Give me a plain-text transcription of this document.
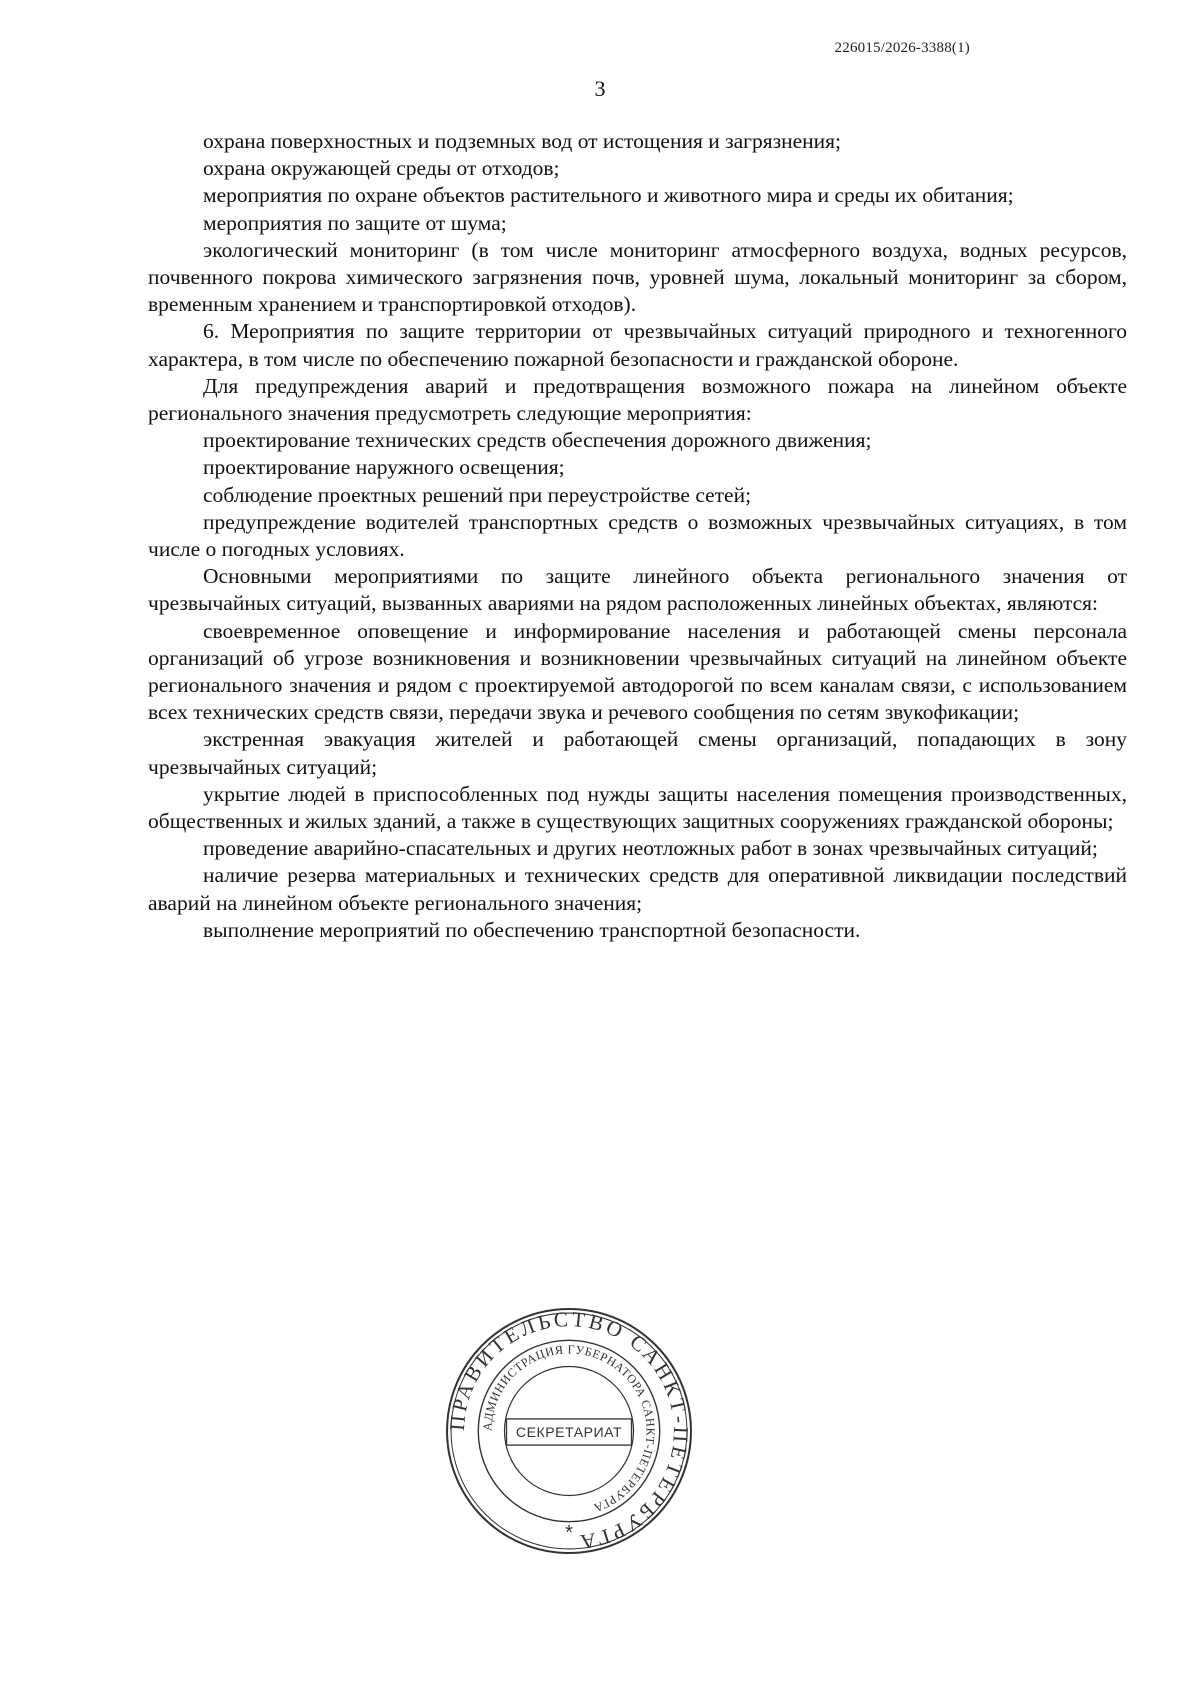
226015/2026-3388(1)
3

охрана поверхностных и подземных вод от истощения и загрязнения;

охрана окружающей среды от отходов;

мероприятия по охране объектов растительного и животного мира и среды их обитания;

мероприятия по защите от шума;

экологический мониторинг (в том числе мониторинг атмосферного воздуха, водных ресурсов, почвенного покрова химического загрязнения почв, уровней шума, локальный мониторинг за сбором, временным хранением и транспортировкой отходов).

6. Мероприятия по защите территории от чрезвычайных ситуаций природного и техногенного характера, в том числе по обеспечению пожарной безопасности и гражданской обороне.

Для предупреждения аварий и предотвращения возможного пожара на линейном объекте регионального значения предусмотреть следующие мероприятия:

проектирование технических средств обеспечения дорожного движения;

проектирование наружного освещения;

соблюдение проектных решений при переустройстве сетей;

предупреждение водителей транспортных средств о возможных чрезвычайных ситуациях, в том числе о погодных условиях.

Основными мероприятиями по защите линейного объекта регионального значения от чрезвычайных ситуаций, вызванных авариями на рядом расположенных линейных объектах, являются:

своевременное оповещение и информирование населения и работающей смены персонала организаций об угрозе возникновения и возникновении чрезвычайных ситуаций на линейном объекте регионального значения и рядом с проектируемой автодорогой по всем каналам связи, с использованием всех технических средств связи, передачи звука и речевого сообщения по сетям звукофикации;

экстренная эвакуация жителей и работающей смены организаций, попадающих в зону чрезвычайных ситуаций;

укрытие людей в приспособленных под нужды защиты населения помещения производственных, общественных и жилых зданий, а также в существующих защитных сооружениях гражданской обороны;

проведение аварийно-спасательных и других неотложных работ в зонах чрезвычайных ситуаций;

наличие резерва материальных и технических средств для оперативной ликвидации последствий аварий на линейном объекте регионального значения;

выполнение мероприятий по обеспечению транспортной безопасности.

ПРАВИТЕЛЬСТВО САНКТ-ПЕТЕРБУРГА
АДМИНИСТРАЦИЯ ГУБЕРНАТОРА САНКТ-ПЕТЕРБУРГА
СЕКРЕТАРИАТ
*
